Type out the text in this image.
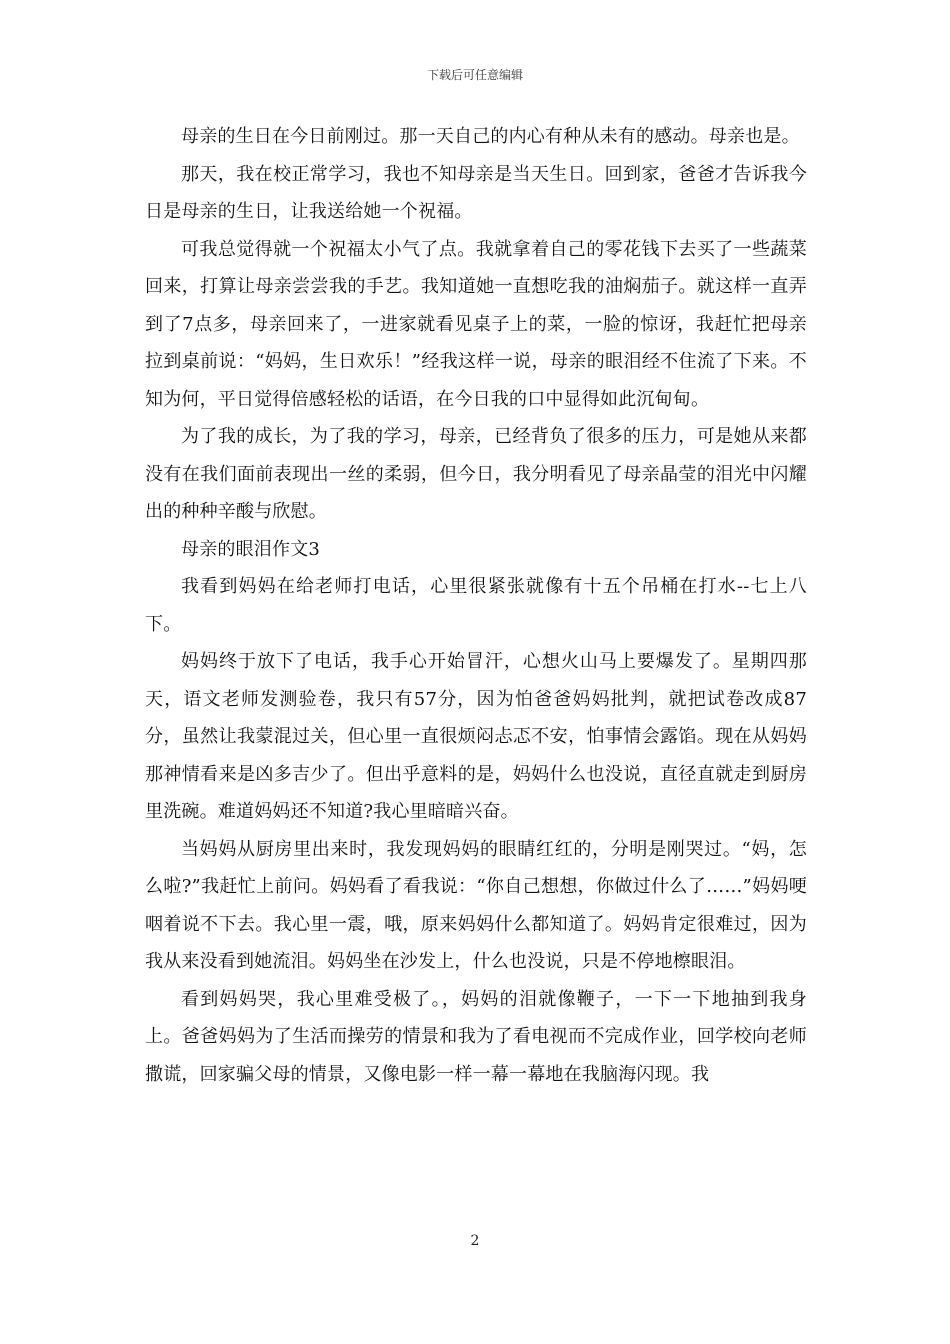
下载后可任意编辑

母亲的生日在今日前刚过。那一天自己的内心有种从未有的感动。母亲也是。

那天，我在校正常学习，我也不知母亲是当天生日。回到家，爸爸才告诉我今日是母亲的生日，让我送给她一个祝福。

可我总觉得就一个祝福太小气了点。我就拿着自己的零花钱下去买了一些蔬菜回来，打算让母亲尝尝我的手艺。我知道她一直想吃我的油焖茄子。就这样一直弄到了7点多，母亲回来了，一进家就看见桌子上的菜，一脸的惊讶，我赶忙把母亲拉到桌前说：“妈妈，生日欢乐！”经我这样一说，母亲的眼泪经不住流了下来。不知为何，平日觉得倍感轻松的话语，在今日我的口中显得如此沉甸甸。

为了我的成长，为了我的学习，母亲，已经背负了很多的压力，可是她从来都没有在我们面前表现出一丝的柔弱，但今日，我分明看见了母亲晶莹的泪光中闪耀出的种种辛酸与欣慰。

母亲的眼泪作文3

我看到妈妈在给老师打电话，心里很紧张就像有十五个吊桶在打水--七上八下。

妈妈终于放下了电话，我手心开始冒汗，心想火山马上要爆发了。星期四那天，语文老师发测验卷，我只有57分，因为怕爸爸妈妈批判，就把试卷改成87分，虽然让我蒙混过关，但心里一直很烦闷忐忑不安，怕事情会露馅。现在从妈妈那神情看来是凶多吉少了。但出乎意料的是，妈妈什么也没说，直径直就走到厨房里洗碗。难道妈妈还不知道?我心里暗暗兴奋。

当妈妈从厨房里出来时，我发现妈妈的眼睛红红的，分明是刚哭过。“妈，怎么啦?”我赶忙上前问。妈妈看了看我说：“你自己想想，你做过什么了……”妈妈哽咽着说不下去。我心里一震，哦，原来妈妈什么都知道了。妈妈肯定很难过，因为我从来没看到她流泪。妈妈坐在沙发上，什么也没说，只是不停地檫眼泪。

看到妈妈哭，我心里难受极了。，妈妈的泪就像鞭子，一下一下地抽到我身上。爸爸妈妈为了生活而操劳的情景和我为了看电视而不完成作业，回学校向老师撒谎，回家骗父母的情景，又像电影一样一幕一幕地在我脑海闪现。我

2
